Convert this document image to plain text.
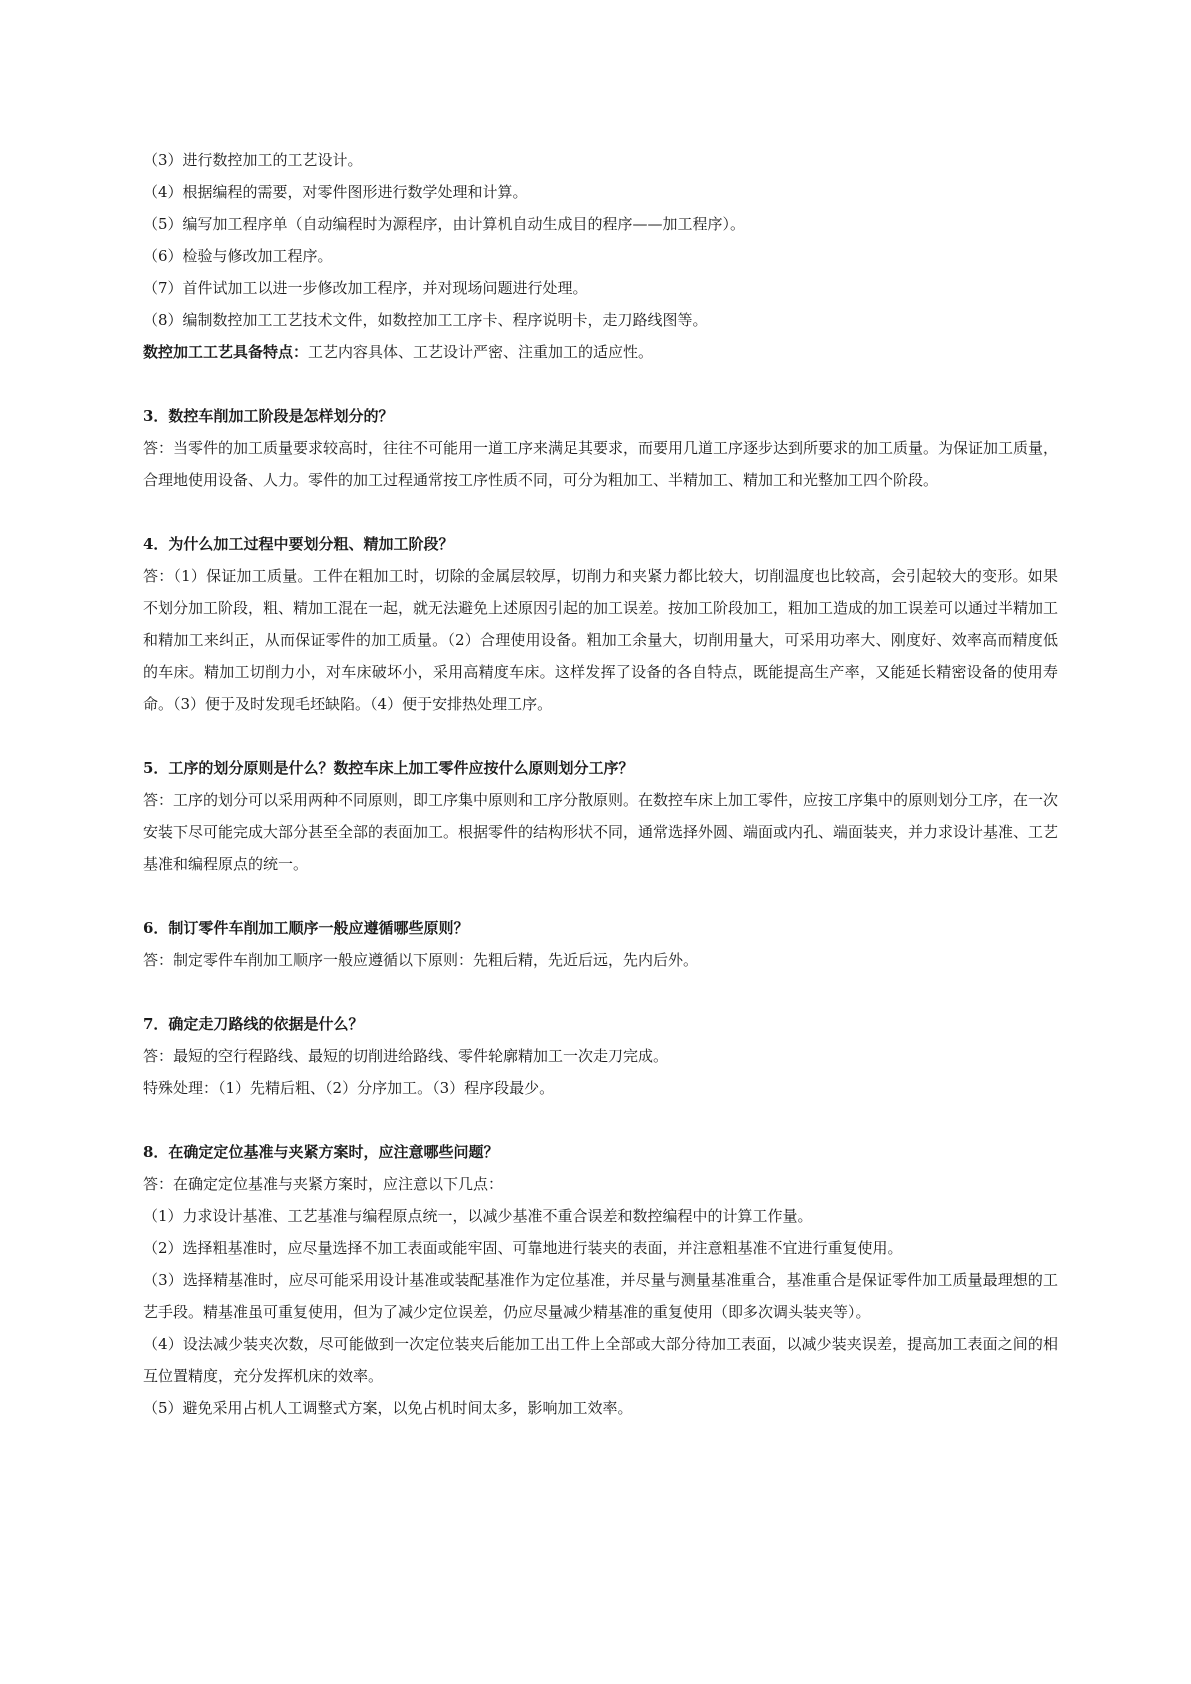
（3）进行数控加工的工艺设计。

（4）根据编程的需要，对零件图形进行数学处理和计算。

（5）编写加工程序单（自动编程时为源程序，由计算机自动生成目的程序——加工程序）。

（6）检验与修改加工程序。

（7）首件试加工以进一步修改加工程序，并对现场问题进行处理。

（8）编制数控加工工艺技术文件，如数控加工工序卡、程序说明卡，走刀路线图等。

数控加工工艺具备特点：工艺内容具体、工艺设计严密、注重加工的适应性。

3．数控车削加工阶段是怎样划分的？

答：当零件的加工质量要求较高时，往往不可能用一道工序来满足其要求，而要用几道工序逐步达到所要求的加工质量。为保证加工质量，合理地使用设备、人力。零件的加工过程通常按工序性质不同，可分为粗加工、半精加工、精加工和光整加工四个阶段。

4．为什么加工过程中要划分粗、精加工阶段？

答：（1）保证加工质量。工件在粗加工时，切除的金属层较厚，切削力和夹紧力都比较大，切削温度也比较高，会引起较大的变形。如果不划分加工阶段，粗、精加工混在一起，就无法避免上述原因引起的加工误差。按加工阶段加工，粗加工造成的加工误差可以通过半精加工和精加工来纠正，从而保证零件的加工质量。（2）合理使用设备。粗加工余量大，切削用量大，可采用功率大、刚度好、效率高而精度低的车床。精加工切削力小，对车床破坏小，采用高精度车床。这样发挥了设备的各自特点，既能提高生产率，又能延长精密设备的使用寿命。（3）便于及时发现毛坯缺陷。（4）便于安排热处理工序。

5．工序的划分原则是什么？数控车床上加工零件应按什么原则划分工序？

答：工序的划分可以采用两种不同原则，即工序集中原则和工序分散原则。在数控车床上加工零件，应按工序集中的原则划分工序，在一次安装下尽可能完成大部分甚至全部的表面加工。根据零件的结构形状不同，通常选择外圆、端面或内孔、端面装夹，并力求设计基准、工艺基准和编程原点的统一。

6．制订零件车削加工顺序一般应遵循哪些原则？

答：制定零件车削加工顺序一般应遵循以下原则：先粗后精，先近后远，先内后外。

7．确定走刀路线的依据是什么？

答：最短的空行程路线、最短的切削进给路线、零件轮廓精加工一次走刀完成。

特殊处理：（1）先精后粗、（2）分序加工。（3）程序段最少。

8．在确定定位基准与夹紧方案时，应注意哪些问题？

答：在确定定位基准与夹紧方案时，应注意以下几点：

（1）力求设计基准、工艺基准与编程原点统一，以减少基准不重合误差和数控编程中的计算工作量。

（2）选择粗基准时，应尽量选择不加工表面或能牢固、可靠地进行装夹的表面，并注意粗基准不宜进行重复使用。

（3）选择精基准时，应尽可能采用设计基准或装配基准作为定位基准，并尽量与测量基准重合，基准重合是保证零件加工质量最理想的工艺手段。精基准虽可重复使用，但为了减少定位误差，仍应尽量减少精基准的重复使用（即多次调头装夹等）。

（4）设法减少装夹次数，尽可能做到一次定位装夹后能加工出工件上全部或大部分待加工表面，以减少装夹误差，提高加工表面之间的相互位置精度，充分发挥机床的效率。

（5）避免采用占机人工调整式方案，以免占机时间太多，影响加工效率。
